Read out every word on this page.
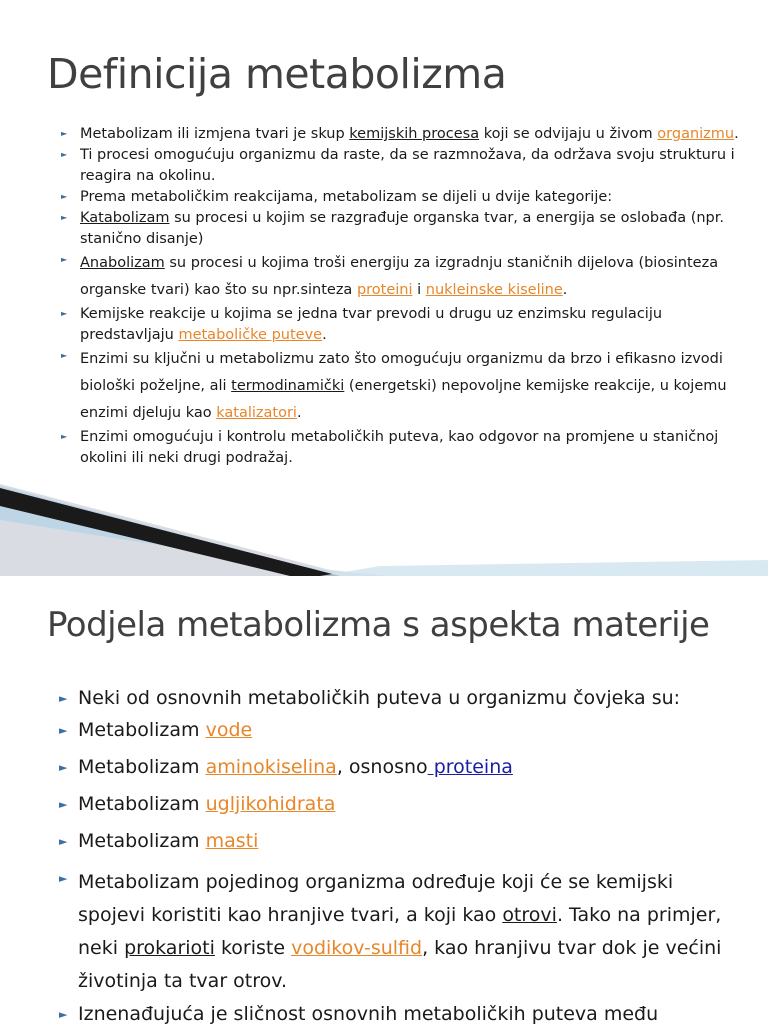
Definicija metabolizma
► Metabolizam ili izmjena tvari je skup kemijskih procesa koji se odvijaju u živom organizmu.
► Ti procesi omogućuju organizmu da raste, da se razmnožava, da održava svoju strukturu i reagira na okolinu.
► Prema metaboličkim reakcijama, metabolizam se dijeli u dvije kategorije:
► Katabolizam su procesi u kojim se razgrađuje organska tvar, a energija se oslobađa (npr. stanično disanje)
► Anabolizam su procesi u kojima troši energiju za izgradnju staničnih dijelova (biosinteza organske tvari) kao što su npr.sinteza proteini i nukleinske kiseline.
► Kemijske reakcije u kojima se jedna tvar prevodi u drugu uz enzimsku regulaciju predstavljaju metaboličke puteve.
► Enzimi su ključni u metabolizmu zato što omogućuju organizmu da brzo i efikasno izvodi biološki poželjne, ali termodinamički (energetski) nepovoljne kemijske reakcije, u kojemu enzimi djeluju kao katalizatori.
► Enzimi omogućuju i kontrolu metaboličkih puteva, kao odgovor na promjene u staničnoj okolini ili neki drugi podražaj.
Podjela metabolizma s aspekta materije
► Neki od osnovnih metaboličkih puteva u organizmu čovjeka su:
► Metabolizam vode
► Metabolizam aminokiselina, osnosno proteina
► Metabolizam ugljikohidrata
► Metabolizam masti
► Metabolizam pojedinog organizma određuje koji će se kemijski spojevi koristiti kao hranjive tvari, a koji kao otrovi. Tako na primjer, neki prokarioti koriste vodikov-sulfid, kao hranjivu tvar dok je većini životinja ta tvar otrov.
► Iznenađujuća je sličnost osnovnih metaboličkih puteva među
